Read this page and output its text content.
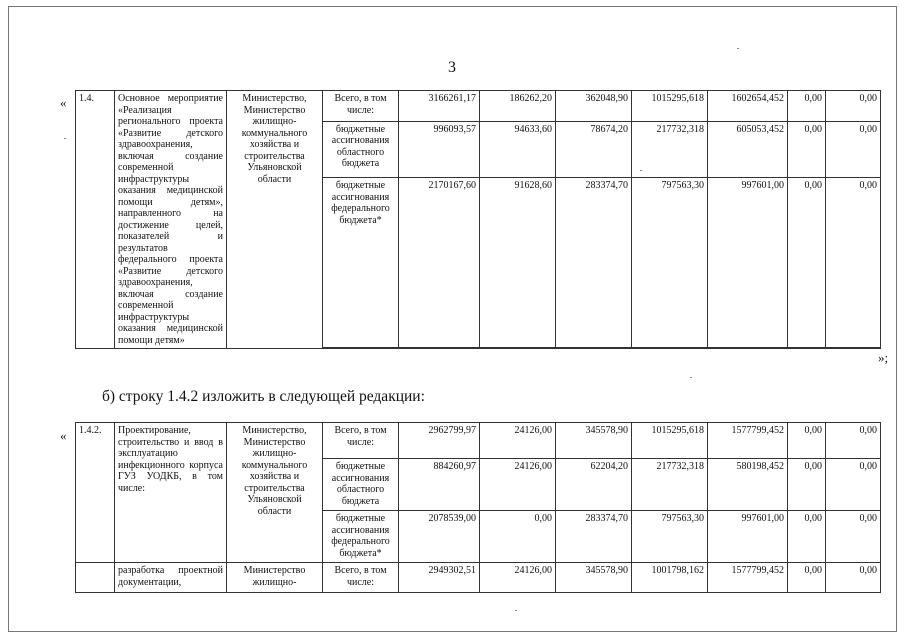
3
«
»;
1.4.	Основное мероприятие «Реализация регионального проекта «Развитие детского здравоохранения, включая создание современной инфраструктуры оказания медицинской помощи детям», направленного на достижение целей, показателей и результатов федерального проекта «Развитие детского здравоохранения, включая создание современной инфраструктуры оказания медицинской помощи детям»	Министерство, Министерство жилищно-коммунального хозяйства и строительства Ульяновской области	Всего, в том числе:	3166261,17	186262,20	362048,90	1015295,618	1602654,452	0,00	0,00
			бюджетные ассигнования областного бюджета	996093,57	94633,60	78674,20	217732,318	605053,452	0,00	0,00
			бюджетные ассигнования федерального бюджета*	2170167,60	91628,60	283374,70	797563,30	997601,00	0,00	0,00

б) строку 1.4.2 изложить в следующей редакции:
« 1.4.2.	Проектирование, строительство и ввод в эксплуатацию инфекционного корпуса ГУЗ УОДКБ, в том числе:	Министерство, Министерство жилищно-коммунального хозяйства и строительства Ульяновской области	Всего, в том числе:	2962799,97	24126,00	345578,90	1015295,618	1577799,452	0,00	0,00
			бюджетные ассигнования областного бюджета	884260,97	24126,00	62204,20	217732,318	580198,452	0,00	0,00
			бюджетные ассигнования федерального бюджета*	2078539,00	0,00	283374,70	797563,30	997601,00	0,00	0,00
	разработка проектной документации,	Министерство жилищно-	Всего, в том числе:	2949302,51	24126,00	345578,90	1001798,162	1577799,452	0,00	0,00
